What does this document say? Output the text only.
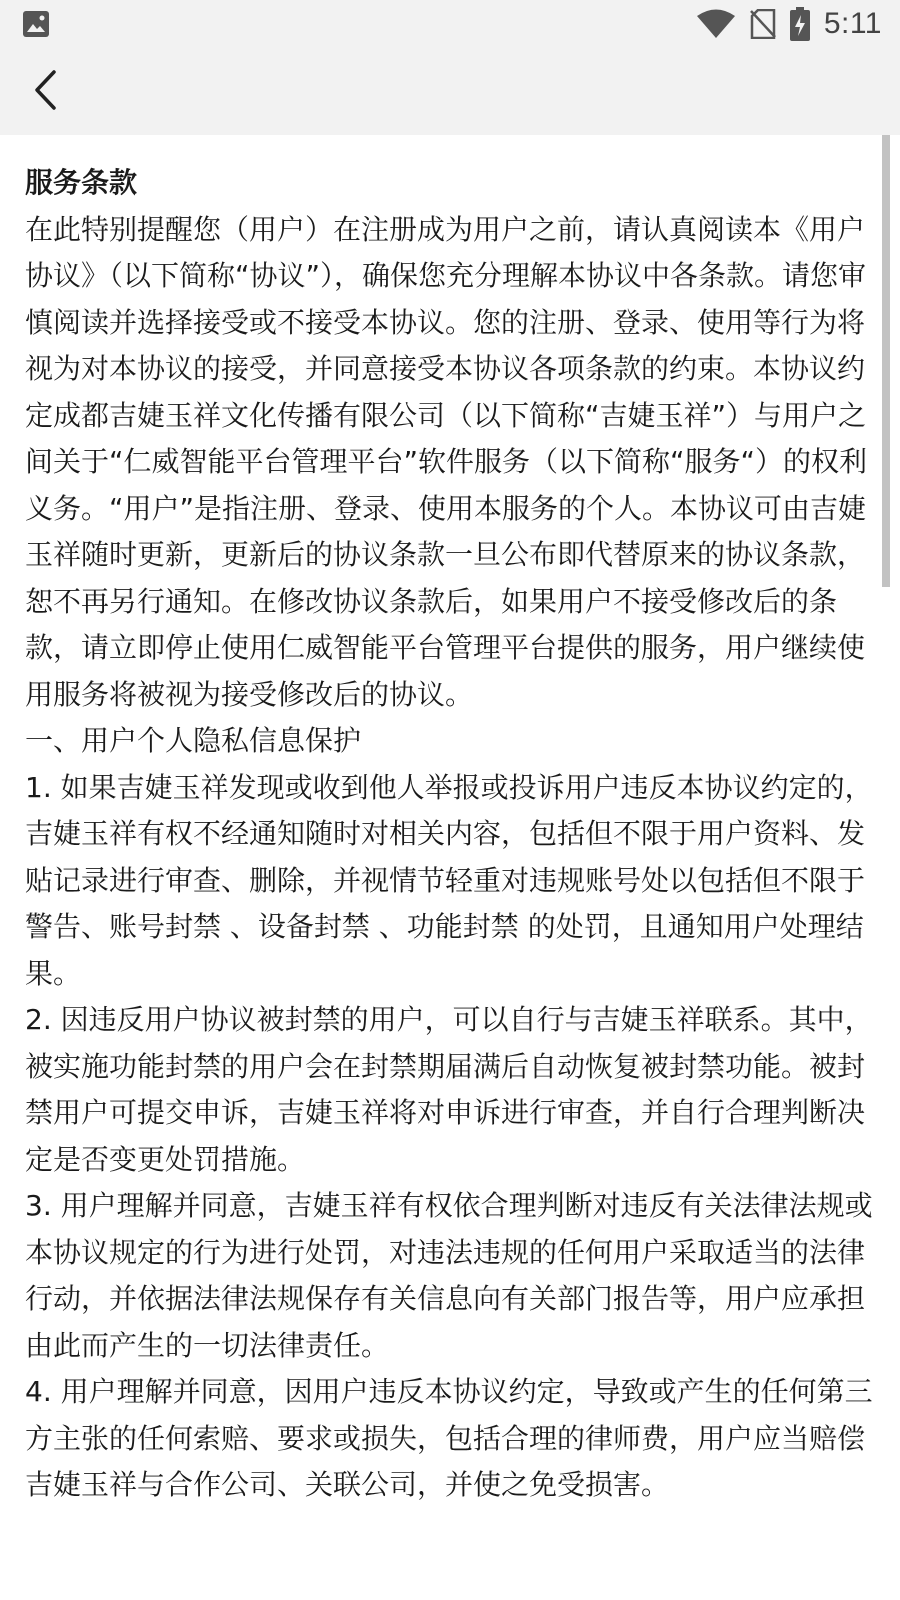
5:11

服务条款

在此特别提醒您（用户）在注册成为用户之前，请认真阅读本《用户协议》（以下简称“协议”），确保您充分理解本协议中各条款。请您审慎阅读并选择接受或不接受本协议。您的注册、登录、使用等行为将视为对本协议的接受，并同意接受本协议各项条款的约束。本协议约定成都吉婕玉祥文化传播有限公司（以下简称“吉婕玉祥”）与用户之间关于“仁威智能平台管理平台”软件服务（以下简称“服务“）的权利义务。“用户”是指注册、登录、使用本服务的个人。本协议可由吉婕玉祥随时更新，更新后的协议条款一旦公布即代替原来的协议条款，恕不再另行通知。在修改协议条款后，如果用户不接受修改后的条款，请立即停止使用仁威智能平台管理平台提供的服务，用户继续使用服务将被视为接受修改后的协议。

一、用户个人隐私信息保护

1. 如果吉婕玉祥发现或收到他人举报或投诉用户违反本协议约定的，吉婕玉祥有权不经通知随时对相关内容，包括但不限于用户资料、发贴记录进行审查、删除，并视情节轻重对违规账号处以包括但不限于警告、账号封禁 、设备封禁 、功能封禁 的处罚，且通知用户处理结果。

2. 因违反用户协议被封禁的用户，可以自行与吉婕玉祥联系。其中，被实施功能封禁的用户会在封禁期届满后自动恢复被封禁功能。被封禁用户可提交申诉，吉婕玉祥将对申诉进行审查，并自行合理判断决定是否变更处罚措施。

3. 用户理解并同意，吉婕玉祥有权依合理判断对违反有关法律法规或本协议规定的行为进行处罚，对违法违规的任何用户采取适当的法律行动，并依据法律法规保存有关信息向有关部门报告等，用户应承担由此而产生的一切法律责任。

4. 用户理解并同意，因用户违反本协议约定，导致或产生的任何第三方主张的任何索赔、要求或损失，包括合理的律师费，用户应当赔偿吉婕玉祥与合作公司、关联公司，并使之免受损害。
